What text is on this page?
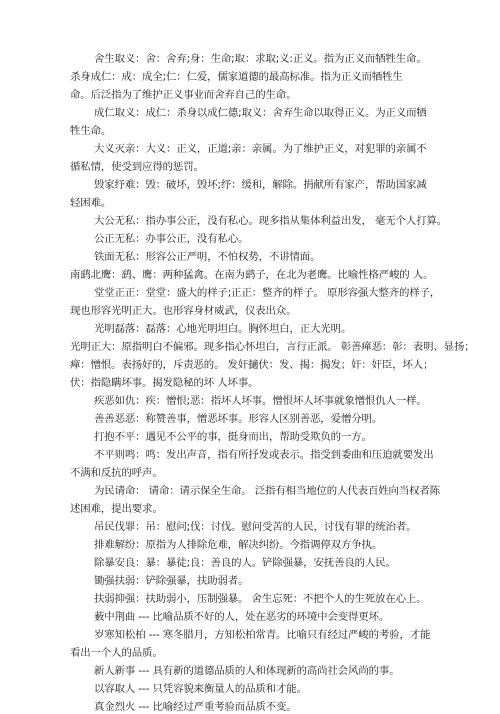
舍生取义：舍：舍弃;身：生命;取：求取;义:正义。指为正义而牺牲生命。
杀身成仁：成：成全;仁：仁爱，儒家道德的最高标准。指为正义而牺牲生
命。后泛指为了维护正义事业而舍弃自己的生命。
成仁取义：成仁：杀身以成仁德;取义：舍弃生命以取得正义。为正义而牺
牲生命。
大义灭亲：大义：正义，正道;亲：亲属。为了维护正义，对犯罪的亲属不
循私情，使受到应得的惩罚。
毁家纾难：毁：破坏，毁坏;纾：缓和，解除。捐献所有家产，帮助国家减
轻困难。
大公无私：指办事公正，没有私心。现多指从集体利益出发， 毫无个人打算。
公正无私：办事公正，没有私心。
铁面无私：形容公正严明，不怕权势，不讲情面。
南鹞北鹰：鹞、鹰：两种猛禽。在南为鹞子，在北为老鹰。比喻性格严峻的 人。
堂堂正正：堂堂：盛大的样子;正正：整齐的样子。 原形容强大整齐的样子，
现也形容光明正大。也形容身材威武，仪表出众。
光明磊落：磊落：心地光明坦白。胸怀坦白，正大光明。
光明正大：原指明白不偏邪。现多指心怀坦白，言行正派。 彰善瘅恶：彰：表明、显扬；
瘅：憎恨。表扬好的，斥责恶的。 发奸擿伏：发、揭：揭发；奸：奸臣，坏人；
伏：指隐瞒坏事。揭发隐秘的坏 人坏事。
疾恶如仇：疾：憎恨;恶：指坏人坏事。憎恨坏人坏事就象憎恨仇人一样。
善善恶恶：称赞善事，憎恶坏事。形容人区别善恶，爱憎分明。
打抱不平：遇见不公平的事，挺身而出，帮助受欺负的一方。
不平则鸣：鸣：发出声音，指有所抒发或表示。指受到委曲和压迫就要发出
不满和反抗的呼声。
为民请命： 请命：请示保全生命。 泛指有相当地位的人代表百姓向当权者陈
述困难，提出要求。
吊民伐罪：吊：慰问;伐：讨伐。慰问受苦的人民，讨伐有罪的统治者。
排难解纷：原指为人排除危难，解决纠纷。今指调停双方争执。
除暴安良：暴：暴徒;良：善良的人。铲除强暴，安抚善良的人民。
锄强扶弱：铲除强暴，扶助弱者。
扶弱抑强：扶助弱小，压制强暴。 舍生忘死：不把个人的生死放在心上。
薮中荆曲 --- 比喻品质不好的人，处在恶劣的环境中会变得更坏。
岁寒知松柏 --- 寒冬腊月，方知松柏常青。比喻只有经过严峻的考验，才能
看出一个人的品质。
新人新事 --- 具有新的道德品质的人和体现新的高尚社会风尚的事。
以容取人 --- 只凭容貌来衡量人的品质和才能。
真金烈火 --- 比喻经过严重考验而品质不变。
